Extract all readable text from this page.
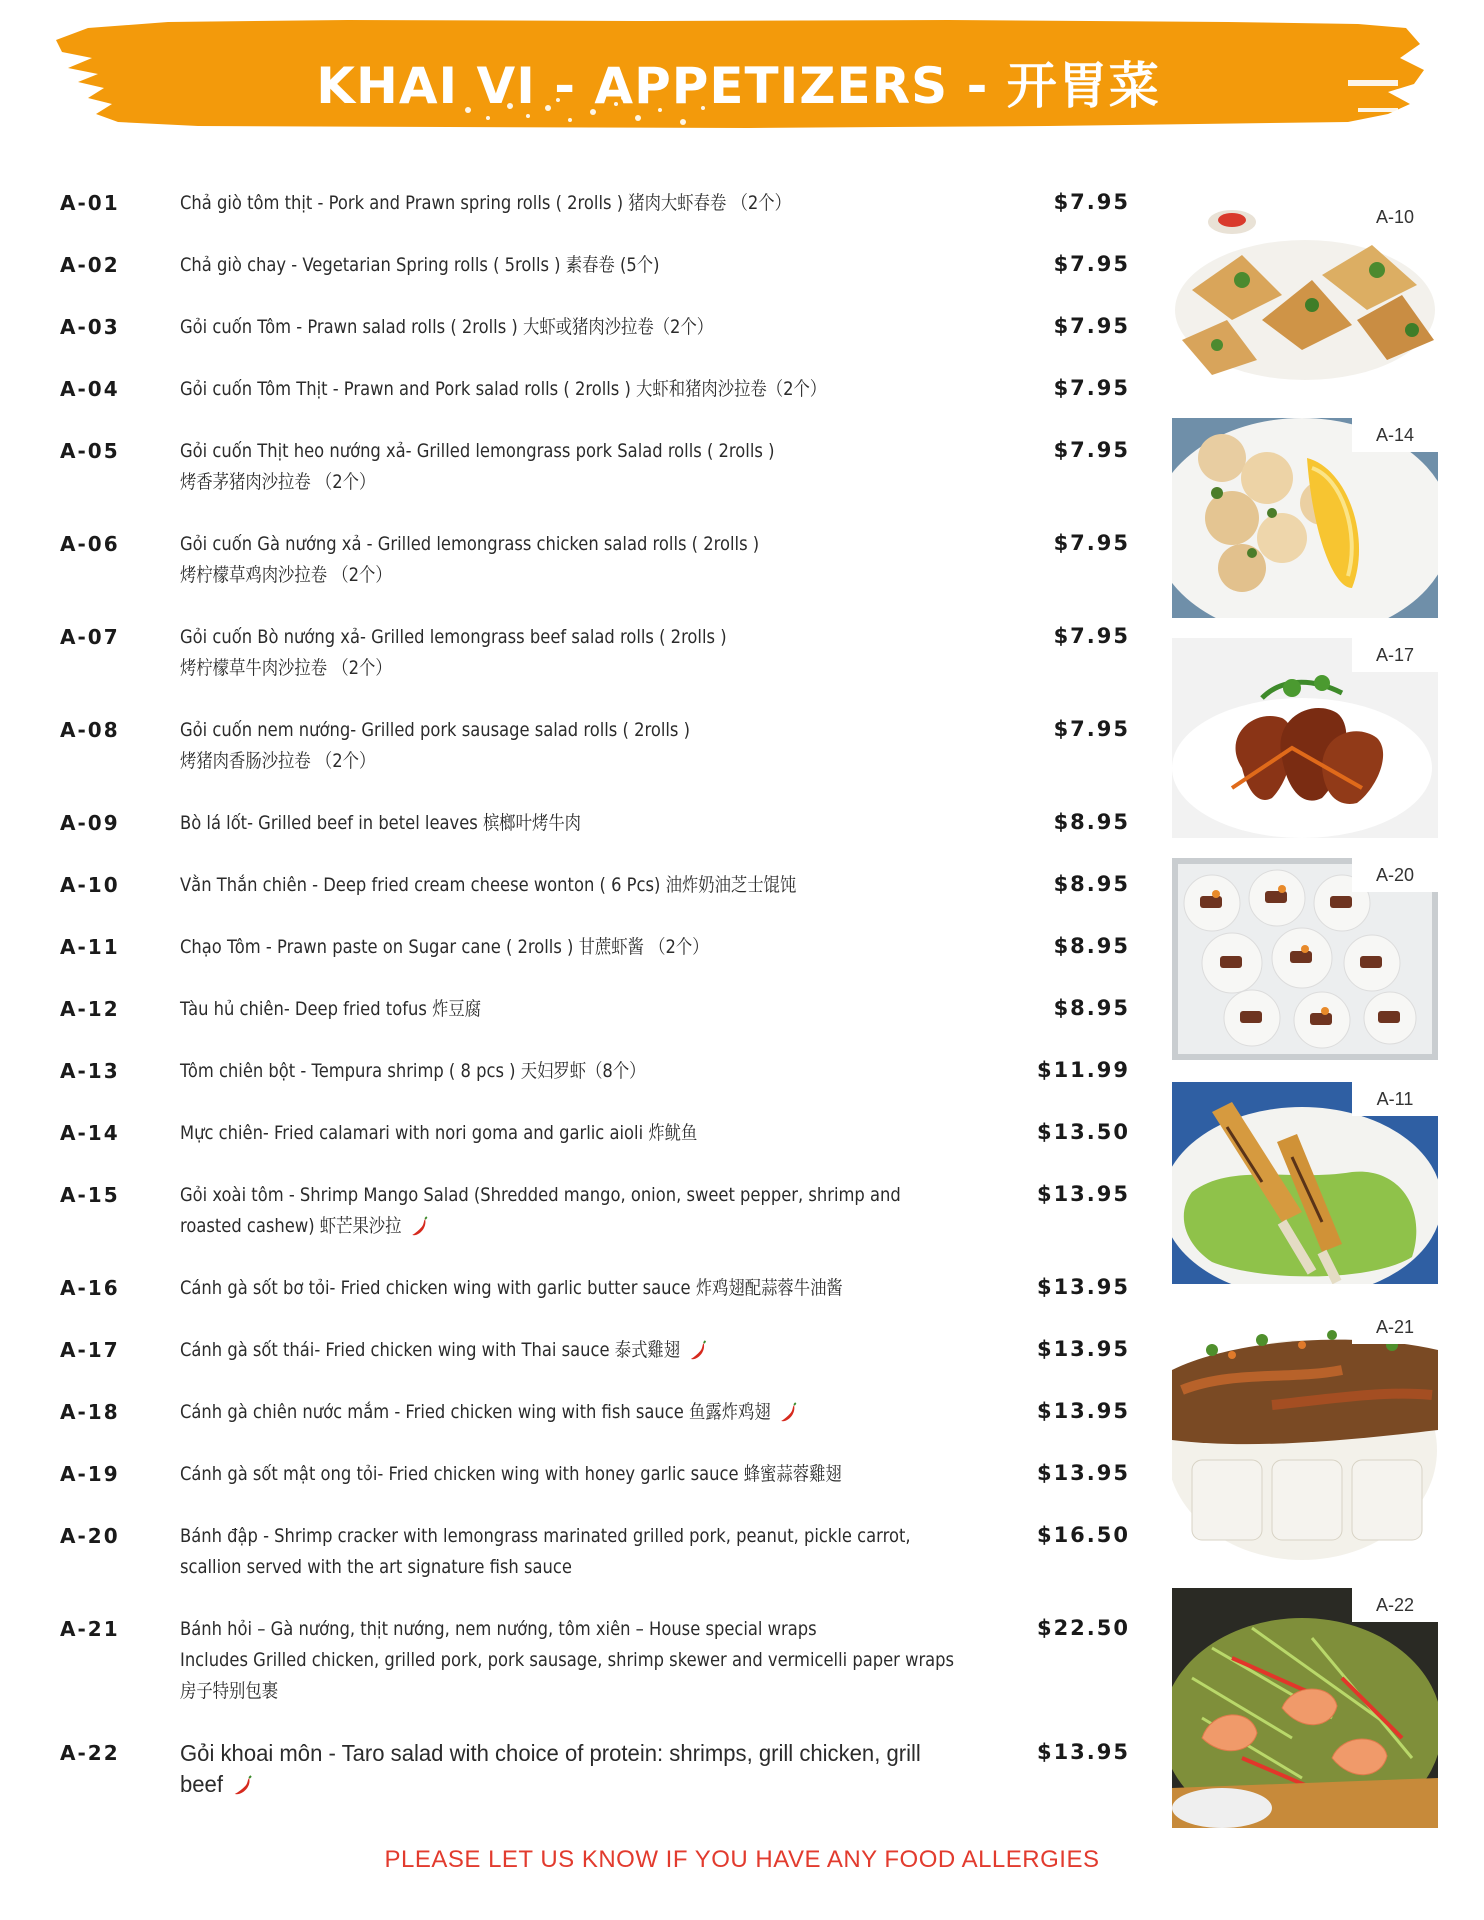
KHAI VI - APPETIZERS - 开胃菜
A-01	Chả giò tôm thịt - Pork and Prawn spring rolls ( 2rolls ) 猪肉大虾春卷 （2个）	$7.95
A-02	Chả giò chay - Vegetarian Spring rolls ( 5rolls ) 素春卷 (5个)	$7.95
A-03	Gỏi cuốn Tôm - Prawn salad rolls ( 2rolls ) 大虾或猪肉沙拉卷（2个）	$7.95
A-04	Gỏi cuốn Tôm Thịt - Prawn and Pork salad rolls ( 2rolls ) 大虾和猪肉沙拉卷（2个）	$7.95
A-05	Gỏi cuốn Thịt heo nướng xả- Grilled lemongrass pork Salad rolls ( 2rolls )
烤香茅猪肉沙拉卷 （2个）
$7.95
A-06	Gỏi cuốn Gà nướng xả - Grilled lemongrass chicken salad rolls ( 2rolls )
烤柠檬草鸡肉沙拉卷 （2个）
$7.95
A-07	Gỏi cuốn Bò nướng xả- Grilled lemongrass beef salad rolls ( 2rolls )
烤柠檬草牛肉沙拉卷 （2个）
$7.95
A-08	Gỏi cuốn nem nướng- Grilled pork sausage salad rolls ( 2rolls )
烤猪肉香肠沙拉卷 （2个）
$7.95
A-09	Bò lá lốt- Grilled beef in betel leaves 槟榔叶烤牛肉	$8.95
A-10	Vằn Thắn chiên - Deep fried cream cheese wonton ( 6 Pcs) 油炸奶油芝士馄饨	$8.95
A-11	Chạo Tôm - Prawn paste on Sugar cane ( 2rolls ) 甘蔗虾酱 （2个）	$8.95
A-12	Tàu hủ chiên- Deep fried tofus 炸豆腐	$8.95
A-13	Tôm chiên bột - Tempura shrimp ( 8 pcs ) 天妇罗虾（8个）	$11.99
A-14	Mực chiên- Fried calamari with nori goma and garlic aioli 炸鱿鱼	$13.50
A-15	Gỏi xoài tôm - Shrimp Mango Salad (Shredded mango, onion, sweet pepper, shrimp and
roasted cashew) 虾芒果沙拉
$13.95
A-16	Cánh gà sốt bơ tỏi- Fried chicken wing with garlic butter sauce 炸鸡翅配蒜蓉牛油酱	$13.95
A-17	Cánh gà sốt thái- Fried chicken wing with Thai sauce 泰式雞翅	$13.95
A-18	Cánh gà chiên nước mắm - Fried chicken wing with fish sauce 鱼露炸鸡翅	$13.95
A-19	Cánh gà sốt mật ong tỏi- Fried chicken wing with honey garlic sauce 蜂蜜蒜蓉雞翅	$13.95
A-20	Bánh đập - Shrimp cracker with lemongrass marinated grilled pork, peanut, pickle carrot,
scallion served with the art signature fish sauce
$16.50
A-21	Bánh hỏi – Gà nướng, thịt nướng, nem nướng, tôm xiên – House special wraps
Includes Grilled chicken, grilled pork, pork sausage, shrimp skewer and vermicelli paper wraps
房子特别包裹
$22.50
A-22	Gỏi khoai môn - Taro salad with choice of protein: shrimps, grill chicken, grill
beef
$13.95
A-10
A-14
A-17
A-20
A-11
A-21
A-22
PLEASE LET US KNOW IF YOU HAVE ANY FOOD ALLERGIES
